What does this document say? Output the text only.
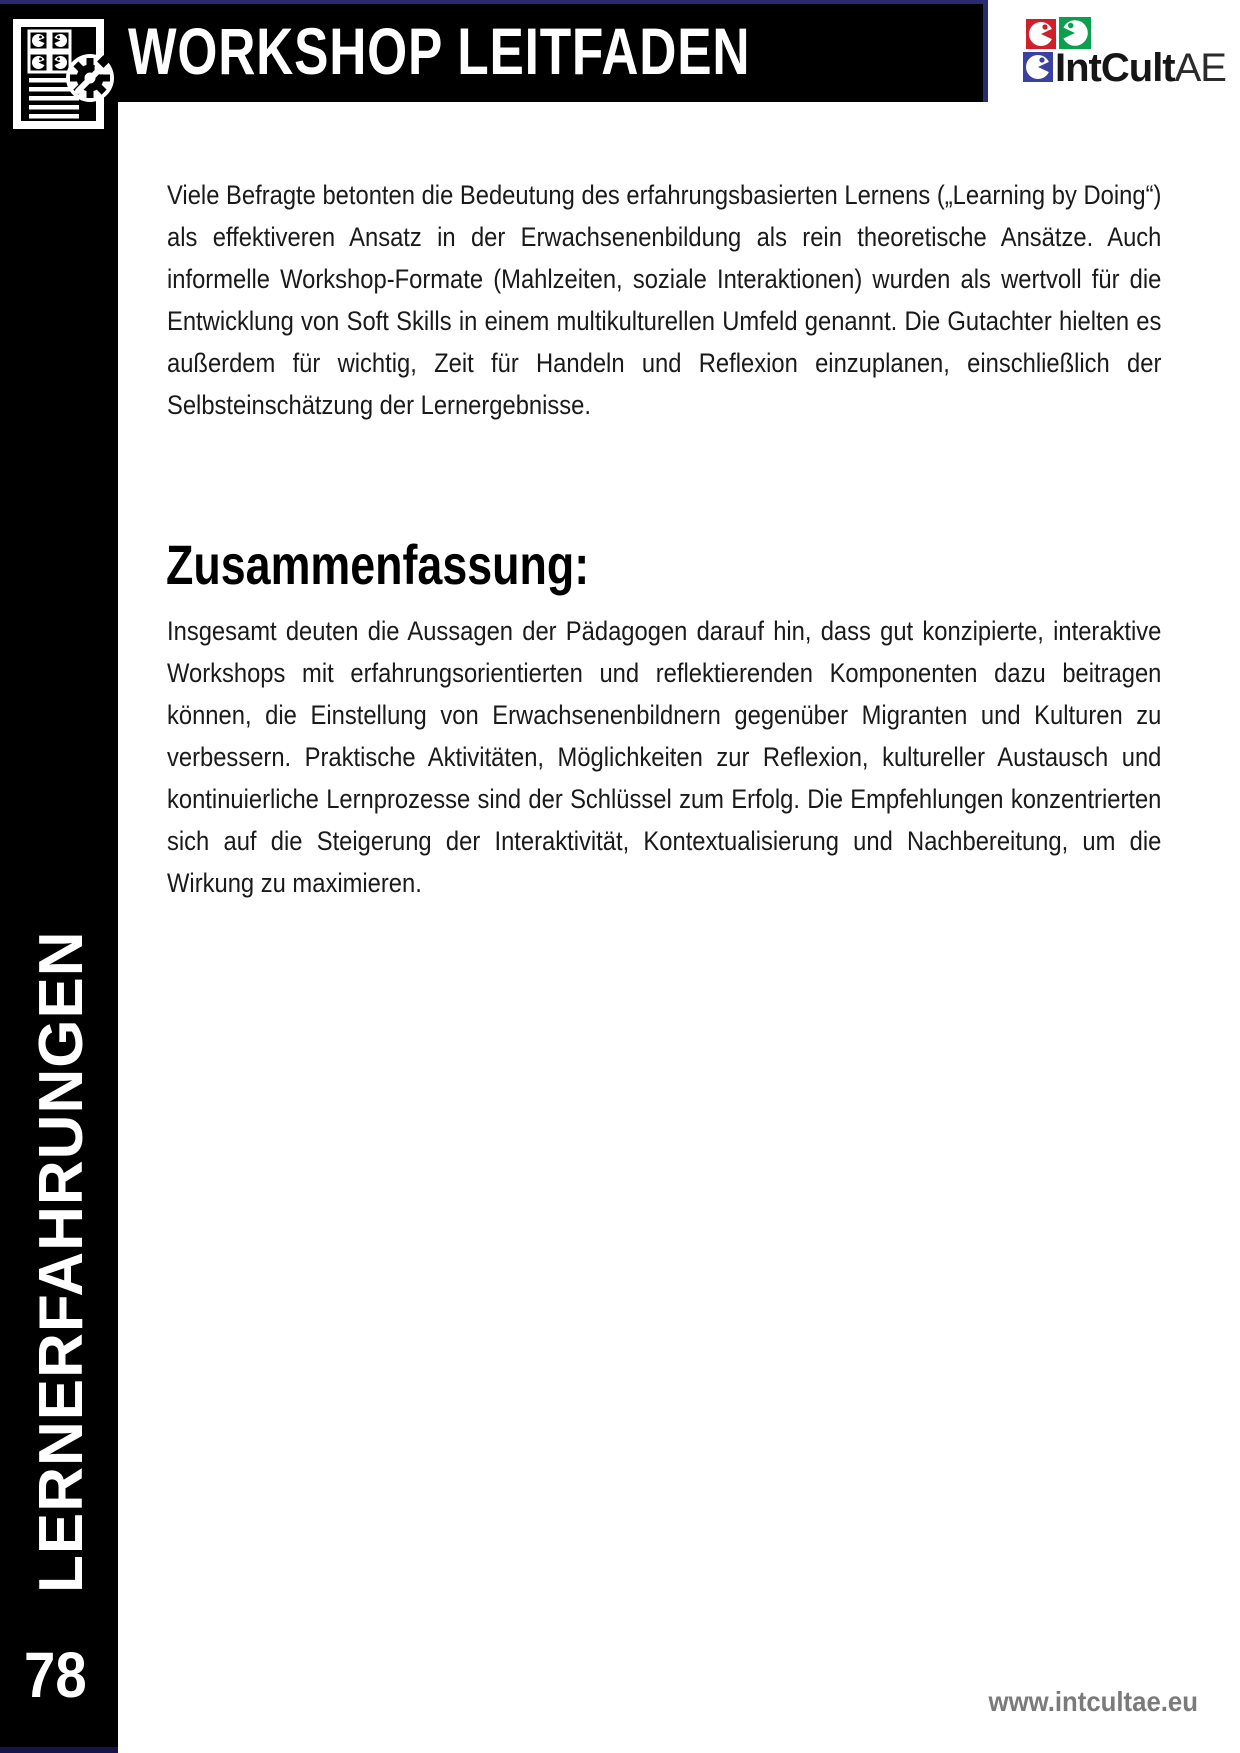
LERNERFAHRUNGEN
78
WORKSHOP LEITFADEN	IntCultAE

Viele Befragte betonten die Bedeutung des erfahrungsbasierten Lernens („Learning by Doing“) als effektiveren Ansatz in der Erwachsenenbildung als rein theoretische Ansätze. Auch informelle Workshop-Formate (Mahlzeiten, soziale Interaktionen) wurden als wertvoll für die Entwicklung von Soft Skills in einem multikulturellen Umfeld genannt. Die Gutachter hielten es außerdem für wichtig, Zeit für Handeln und Reflexion einzuplanen, einschließlich der Selbsteinschätzung der Lernergebnisse.

Zusammenfassung:

Insgesamt deuten die Aussagen der Pädagogen darauf hin, dass gut konzipierte, interaktive Workshops mit erfahrungsorientierten und reflektierenden Komponenten dazu beitragen können, die Einstellung von Erwachsenenbildnern gegenüber Migranten und Kulturen zu verbessern. Praktische Aktivitäten, Möglichkeiten zur Reflexion, kultureller Austausch und kontinuierliche Lernprozesse sind der Schlüssel zum Erfolg. Die Empfehlungen konzentrierten sich auf die Steigerung der Interaktivität, Kontextualisierung und Nachbereitung, um die Wirkung zu maximieren.

www.intcultae.eu
